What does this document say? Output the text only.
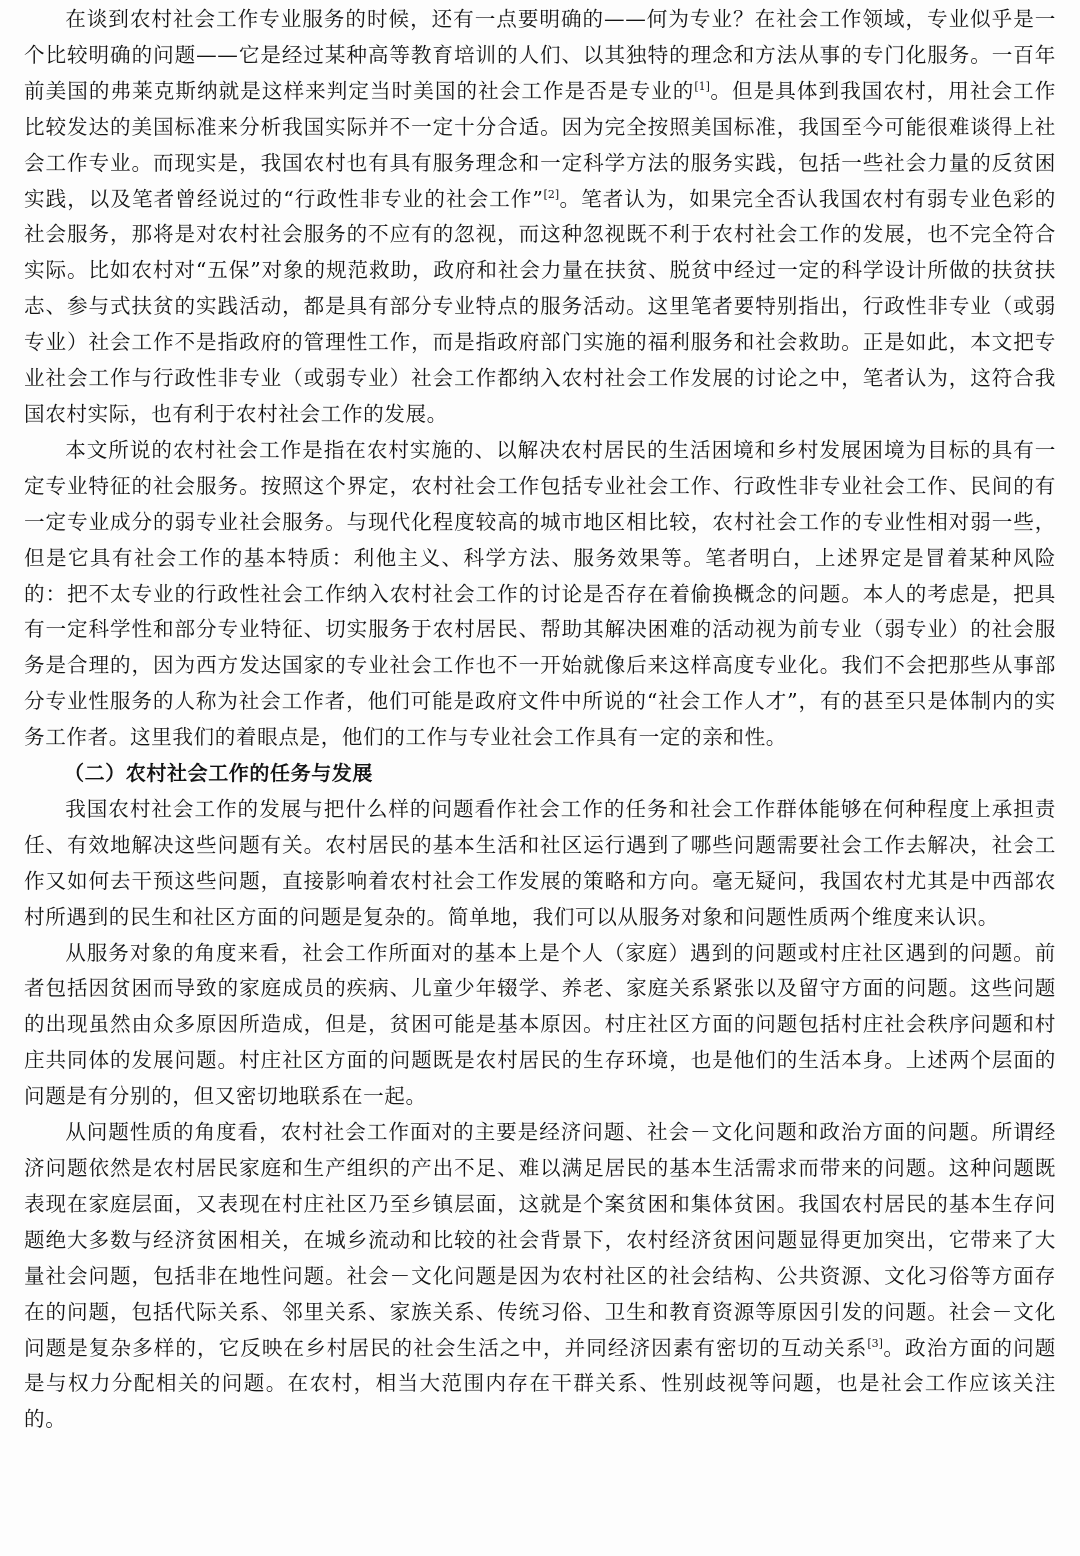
在谈到农村社会工作专业服务的时候，还有一点要明确的——何为专业？在社会工作领域，专业似乎是一个比较明确的问题——它是经过某种高等教育培训的人们、以其独特的理念和方法从事的专门化服务。一百年前美国的弗莱克斯纳就是这样来判定当时美国的社会工作是否是专业的[1]。但是具体到我国农村，用社会工作比较发达的美国标准来分析我国实际并不一定十分合适。因为完全按照美国标准，我国至今可能很难谈得上社会工作专业。而现实是，我国农村也有具有服务理念和一定科学方法的服务实践，包括一些社会力量的反贫困实践，以及笔者曾经说过的“行政性非专业的社会工作”[2]。笔者认为，如果完全否认我国农村有弱专业色彩的社会服务，那将是对农村社会服务的不应有的忽视，而这种忽视既不利于农村社会工作的发展，也不完全符合实际。比如农村对“五保”对象的规范救助，政府和社会力量在扶贫、脱贫中经过一定的科学设计所做的扶贫扶志、参与式扶贫的实践活动，都是具有部分专业特点的服务活动。这里笔者要特别指出，行政性非专业（或弱专业）社会工作不是指政府的管理性工作，而是指政府部门实施的福利服务和社会救助。正是如此，本文把专业社会工作与行政性非专业（或弱专业）社会工作都纳入农村社会工作发展的讨论之中，笔者认为，这符合我国农村实际，也有利于农村社会工作的发展。

本文所说的农村社会工作是指在农村实施的、以解决农村居民的生活困境和乡村发展困境为目标的具有一定专业特征的社会服务。按照这个界定，农村社会工作包括专业社会工作、行政性非专业社会工作、民间的有一定专业成分的弱专业社会服务。与现代化程度较高的城市地区相比较，农村社会工作的专业性相对弱一些，但是它具有社会工作的基本特质：利他主义、科学方法、服务效果等。笔者明白，上述界定是冒着某种风险的：把不太专业的行政性社会工作纳入农村社会工作的讨论是否存在着偷换概念的问题。本人的考虑是，把具有一定科学性和部分专业特征、切实服务于农村居民、帮助其解决困难的活动视为前专业（弱专业）的社会服务是合理的，因为西方发达国家的专业社会工作也不一开始就像后来这样高度专业化。我们不会把那些从事部分专业性服务的人称为社会工作者，他们可能是政府文件中所说的“社会工作人才”，有的甚至只是体制内的实务工作者。这里我们的着眼点是，他们的工作与专业社会工作具有一定的亲和性。

（二）农村社会工作的任务与发展

我国农村社会工作的发展与把什么样的问题看作社会工作的任务和社会工作群体能够在何种程度上承担责任、有效地解决这些问题有关。农村居民的基本生活和社区运行遇到了哪些问题需要社会工作去解决，社会工作又如何去干预这些问题，直接影响着农村社会工作发展的策略和方向。毫无疑问，我国农村尤其是中西部农村所遇到的民生和社区方面的问题是复杂的。简单地，我们可以从服务对象和问题性质两个维度来认识。

从服务对象的角度来看，社会工作所面对的基本上是个人（家庭）遇到的问题或村庄社区遇到的问题。前者包括因贫困而导致的家庭成员的疾病、儿童少年辍学、养老、家庭关系紧张以及留守方面的问题。这些问题的出现虽然由众多原因所造成，但是，贫困可能是基本原因。村庄社区方面的问题包括村庄社会秩序问题和村庄共同体的发展问题。村庄社区方面的问题既是农村居民的生存环境，也是他们的生活本身。上述两个层面的问题是有分别的，但又密切地联系在一起。

从问题性质的角度看，农村社会工作面对的主要是经济问题、社会－文化问题和政治方面的问题。所谓经济问题依然是农村居民家庭和生产组织的产出不足、难以满足居民的基本生活需求而带来的问题。这种问题既表现在家庭层面，又表现在村庄社区乃至乡镇层面，这就是个案贫困和集体贫困。我国农村居民的基本生存问题绝大多数与经济贫困相关，在城乡流动和比较的社会背景下，农村经济贫困问题显得更加突出，它带来了大量社会问题，包括非在地性问题。社会－文化问题是因为农村社区的社会结构、公共资源、文化习俗等方面存在的问题，包括代际关系、邻里关系、家族关系、传统习俗、卫生和教育资源等原因引发的问题。社会－文化问题是复杂多样的，它反映在乡村居民的社会生活之中，并同经济因素有密切的互动关系[3]。政治方面的问题是与权力分配相关的问题。在农村，相当大范围内存在干群关系、性别歧视等问题，也是社会工作应该关注的。
